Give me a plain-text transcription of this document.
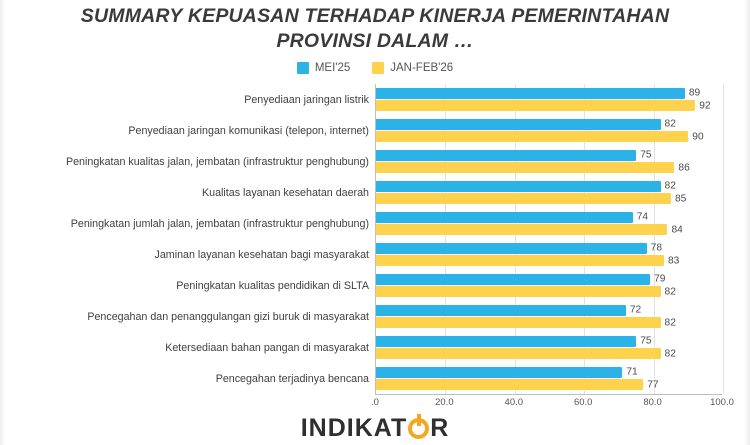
SUMMARY KEPUASAN TERHADAP KINERJA PEMERINTAHAN
PROVINSI DALAM …
MEI'25	JAN-FEB'26
Penyediaan jaringan listrik
Penyediaan jaringan komunikasi (telepon, internet)
Peningkatan kualitas jalan, jembatan (infrastruktur penghubung)
Kualitas layanan kesehatan daerah
Peningkatan jumlah jalan, jembatan (infrastruktur penghubung)
Jaminan layanan kesehatan bagi masyarakat
Peningkatan kualitas pendidikan di SLTA
Pencegahan dan penanggulangan gizi buruk di masyarakat
Ketersediaan bahan pangan di masyarakat
Pencegahan terjadinya bencana
89
92
82
90
75
86
82
85
74
84
78
83
79
82
72
82
75
82
71
77
.0	20.0	40.0	60.0	80.0	100.0
INDIKAT R
